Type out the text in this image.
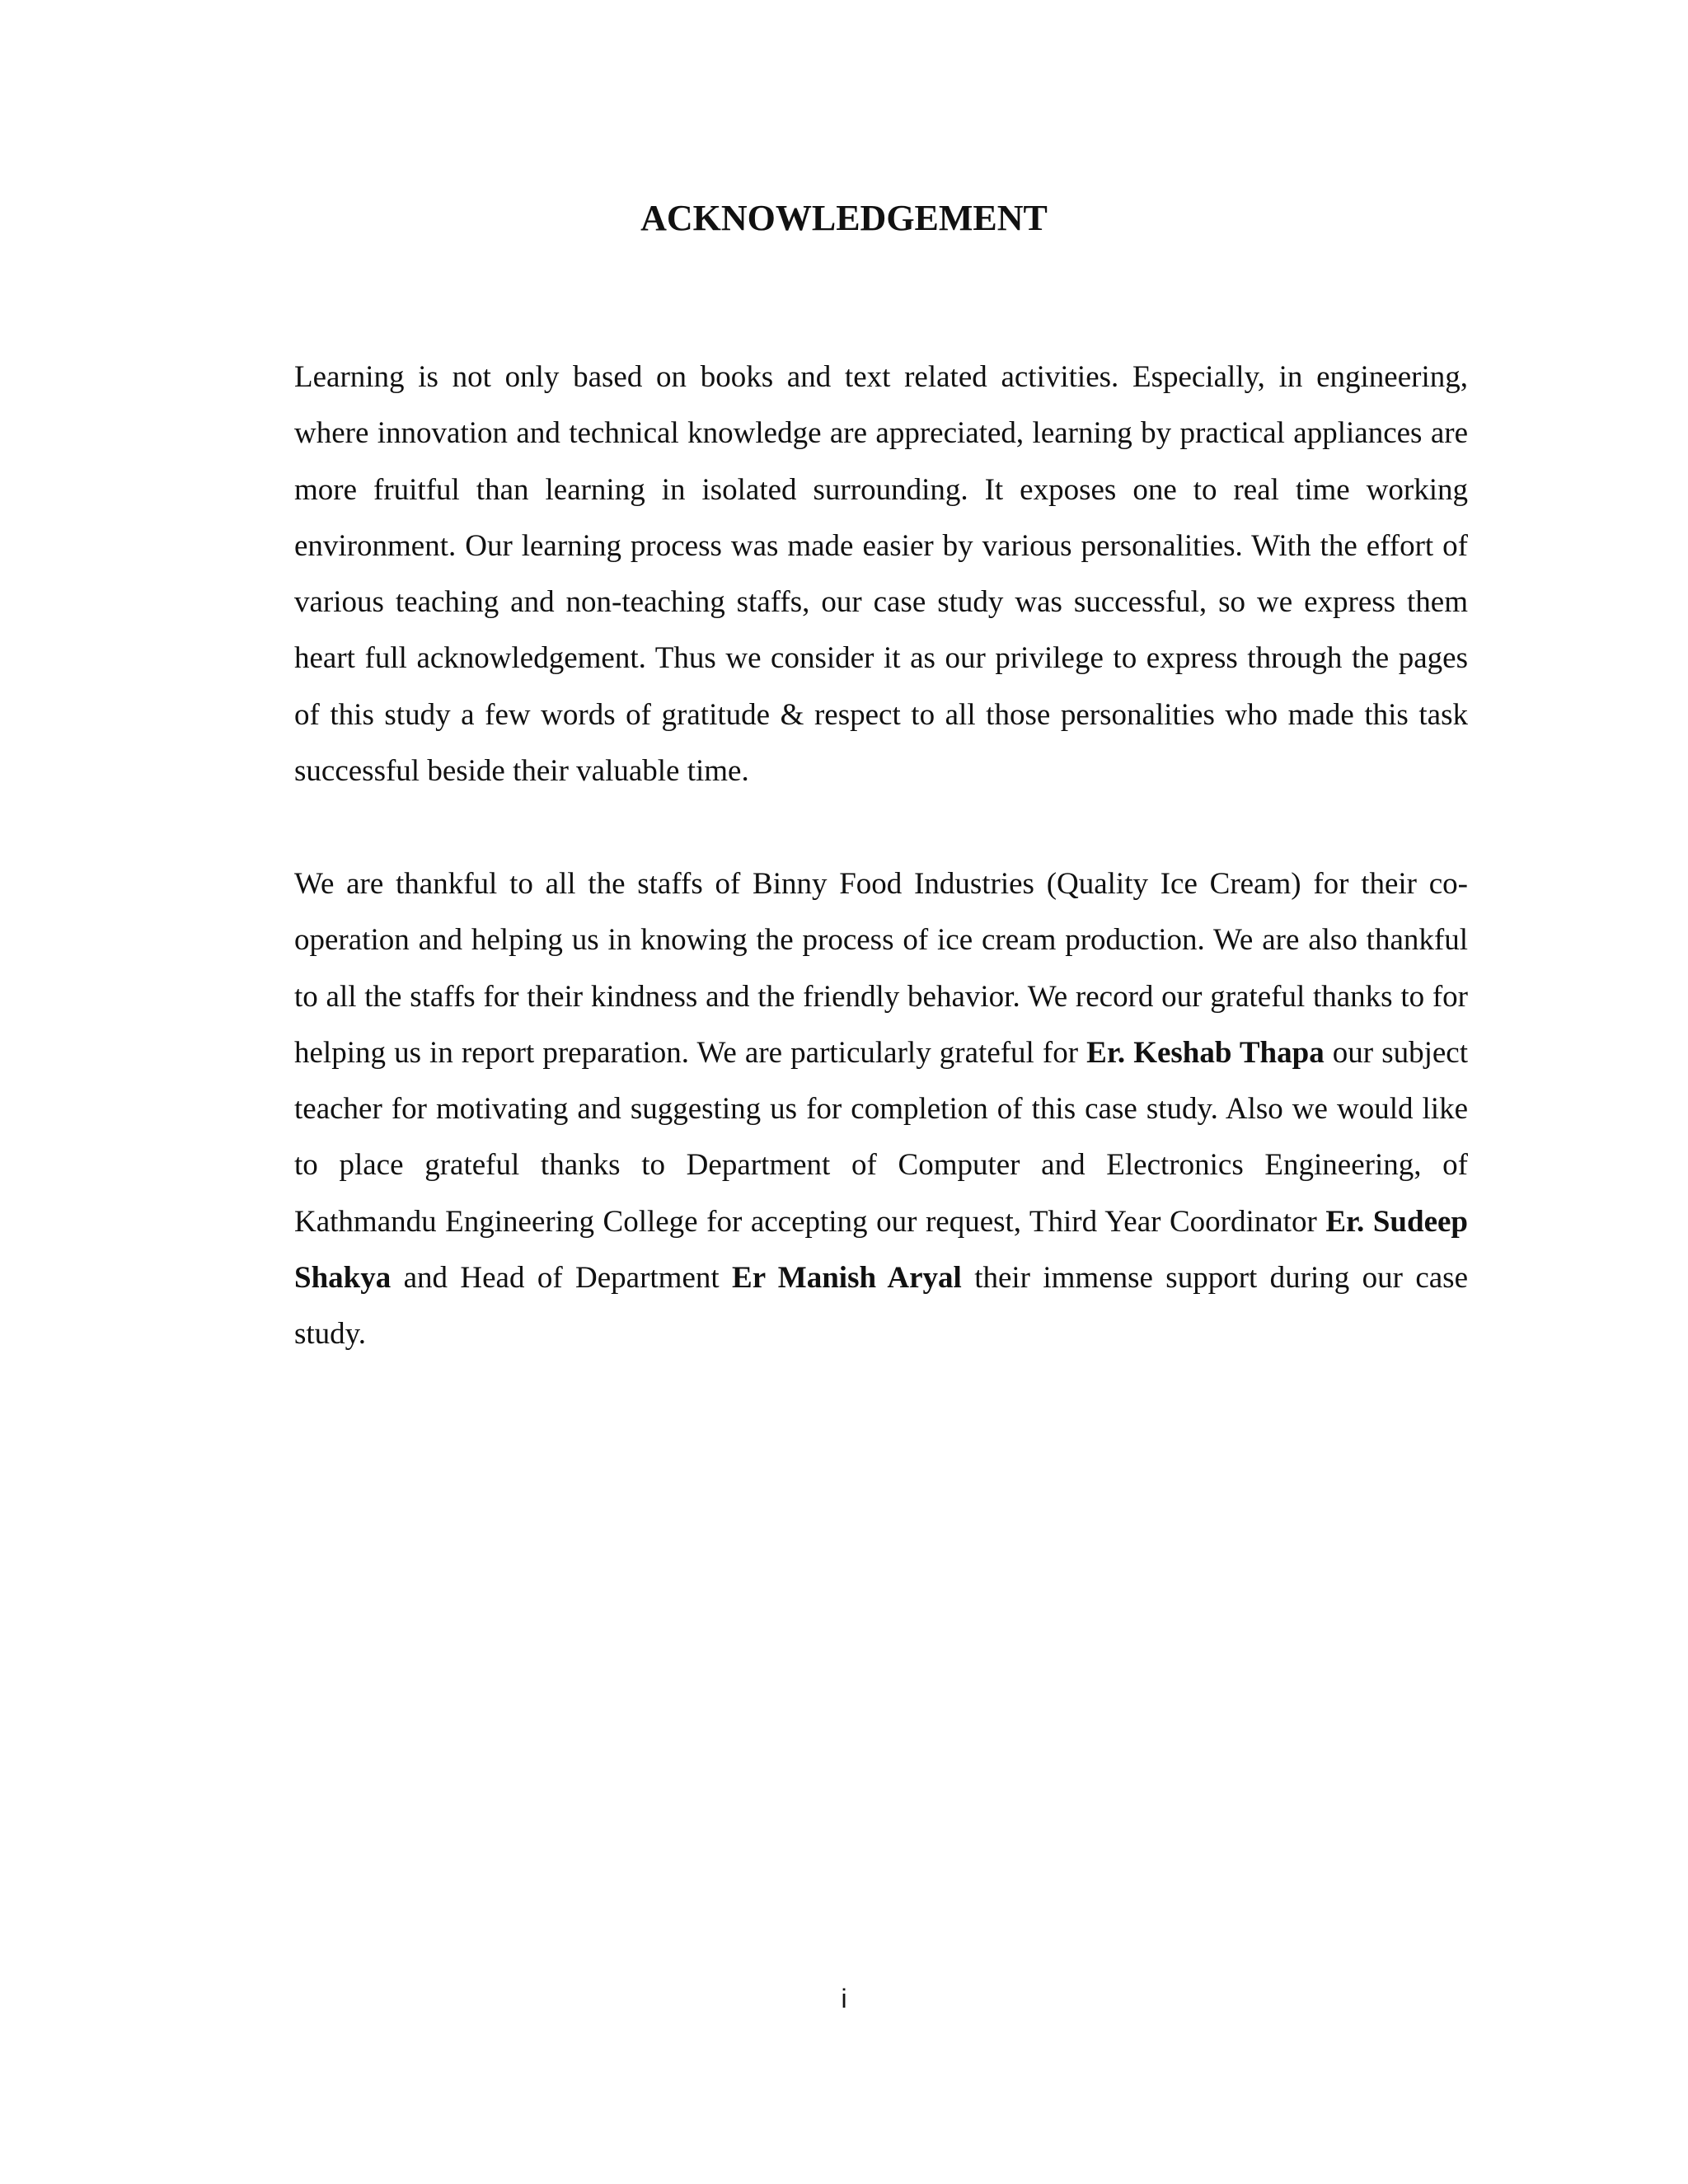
ACKNOWLEDGEMENT

Learning is not only based on books and text related activities. Especially, in engineering, where innovation and technical knowledge are appreciated, learning by practical appliances are more fruitful than learning in isolated surrounding. It exposes one to real time working environment. Our learning process was made easier by various personalities. With the effort of various teaching and non-teaching staffs, our case study was successful, so we express them heart full acknowledgement. Thus we consider it as our privilege to express through the pages of this study a few words of gratitude & respect to all those personalities who made this task successful beside their valuable time.

We are thankful to all the staffs of Binny Food Industries (Quality Ice Cream) for their co-operation and helping us in knowing the process of ice cream production. We are also thankful to all the staffs for their kindness and the friendly behavior. We record our grateful thanks to for helping us in report preparation. We are particularly grateful for Er. Keshab Thapa our subject teacher for motivating and suggesting us for completion of this case study. Also we would like to place grateful thanks to Department of Computer and Electronics Engineering, of Kathmandu Engineering College for accepting our request, Third Year Coordinator Er. Sudeep Shakya and Head of Department Er Manish Aryal their immense support during our case study.

i
